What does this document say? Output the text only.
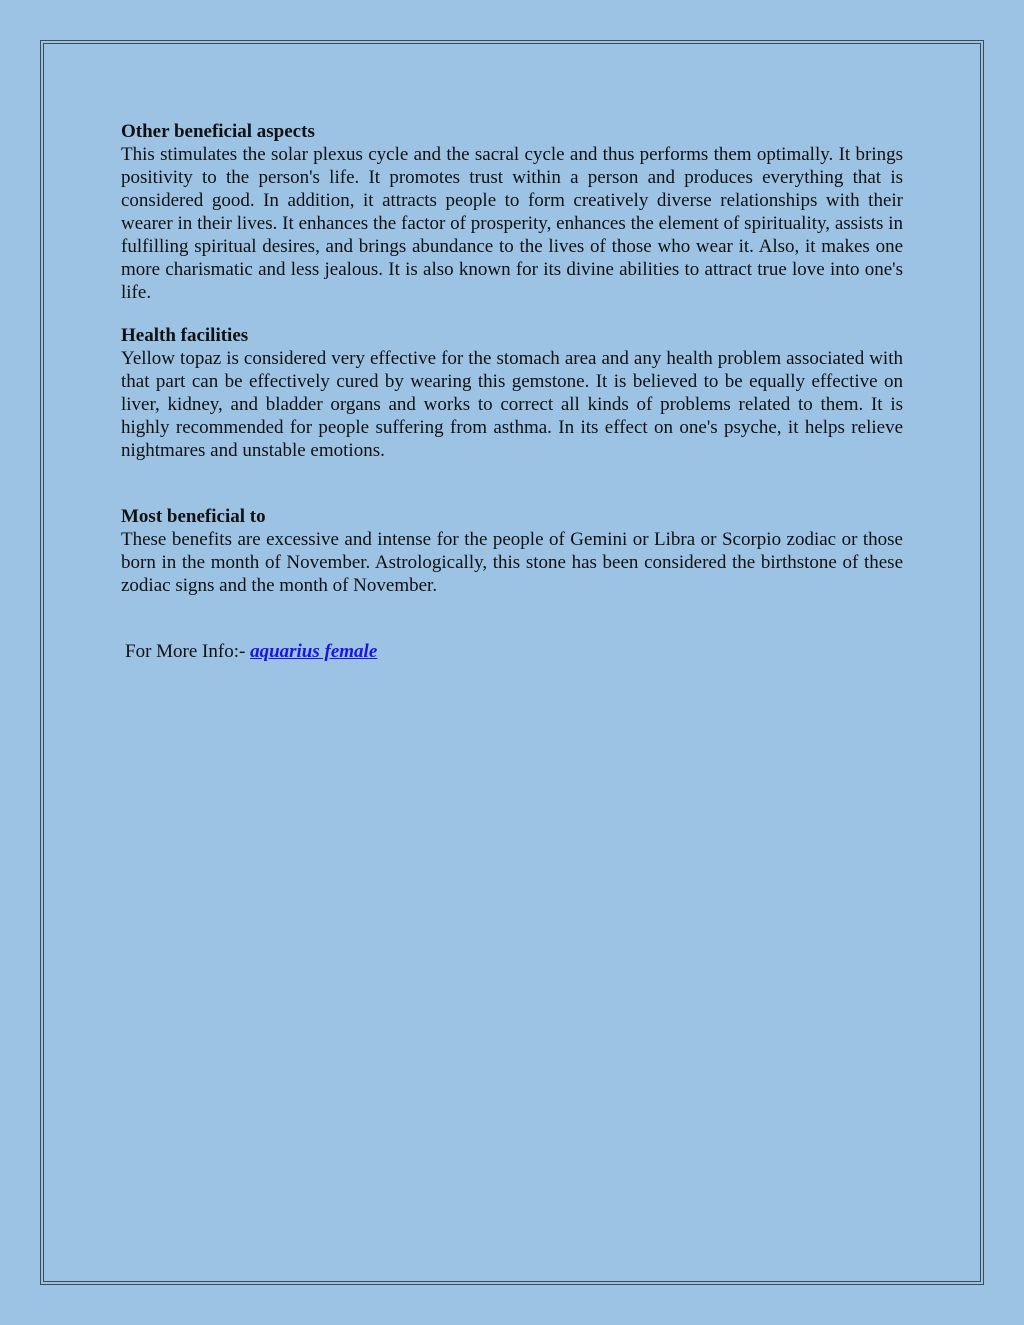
Other beneficial aspects

This stimulates the solar plexus cycle and the sacral cycle and thus performs them optimally. It brings positivity to the person's life. It promotes trust within a person and produces everything that is considered good. In addition, it attracts people to form creatively diverse relationships with their wearer in their lives. It enhances the factor of prosperity, enhances the element of spirituality, assists in fulfilling spiritual desires, and brings abundance to the lives of those who wear it. Also, it makes one more charismatic and less jealous. It is also known for its divine abilities to attract true love into one's life.

Health facilities

Yellow topaz is considered very effective for the stomach area and any health problem associated with that part can be effectively cured by wearing this gemstone. It is believed to be equally effective on liver, kidney, and bladder organs and works to correct all kinds of problems related to them. It is highly recommended for people suffering from asthma. In its effect on one's psyche, it helps relieve nightmares and unstable emotions.

Most beneficial to

These benefits are excessive and intense for the people of Gemini or Libra or Scorpio zodiac or those born in the month of November. Astrologically, this stone has been considered the birthstone of these zodiac signs and the month of November.

For More Info:- aquarius female
